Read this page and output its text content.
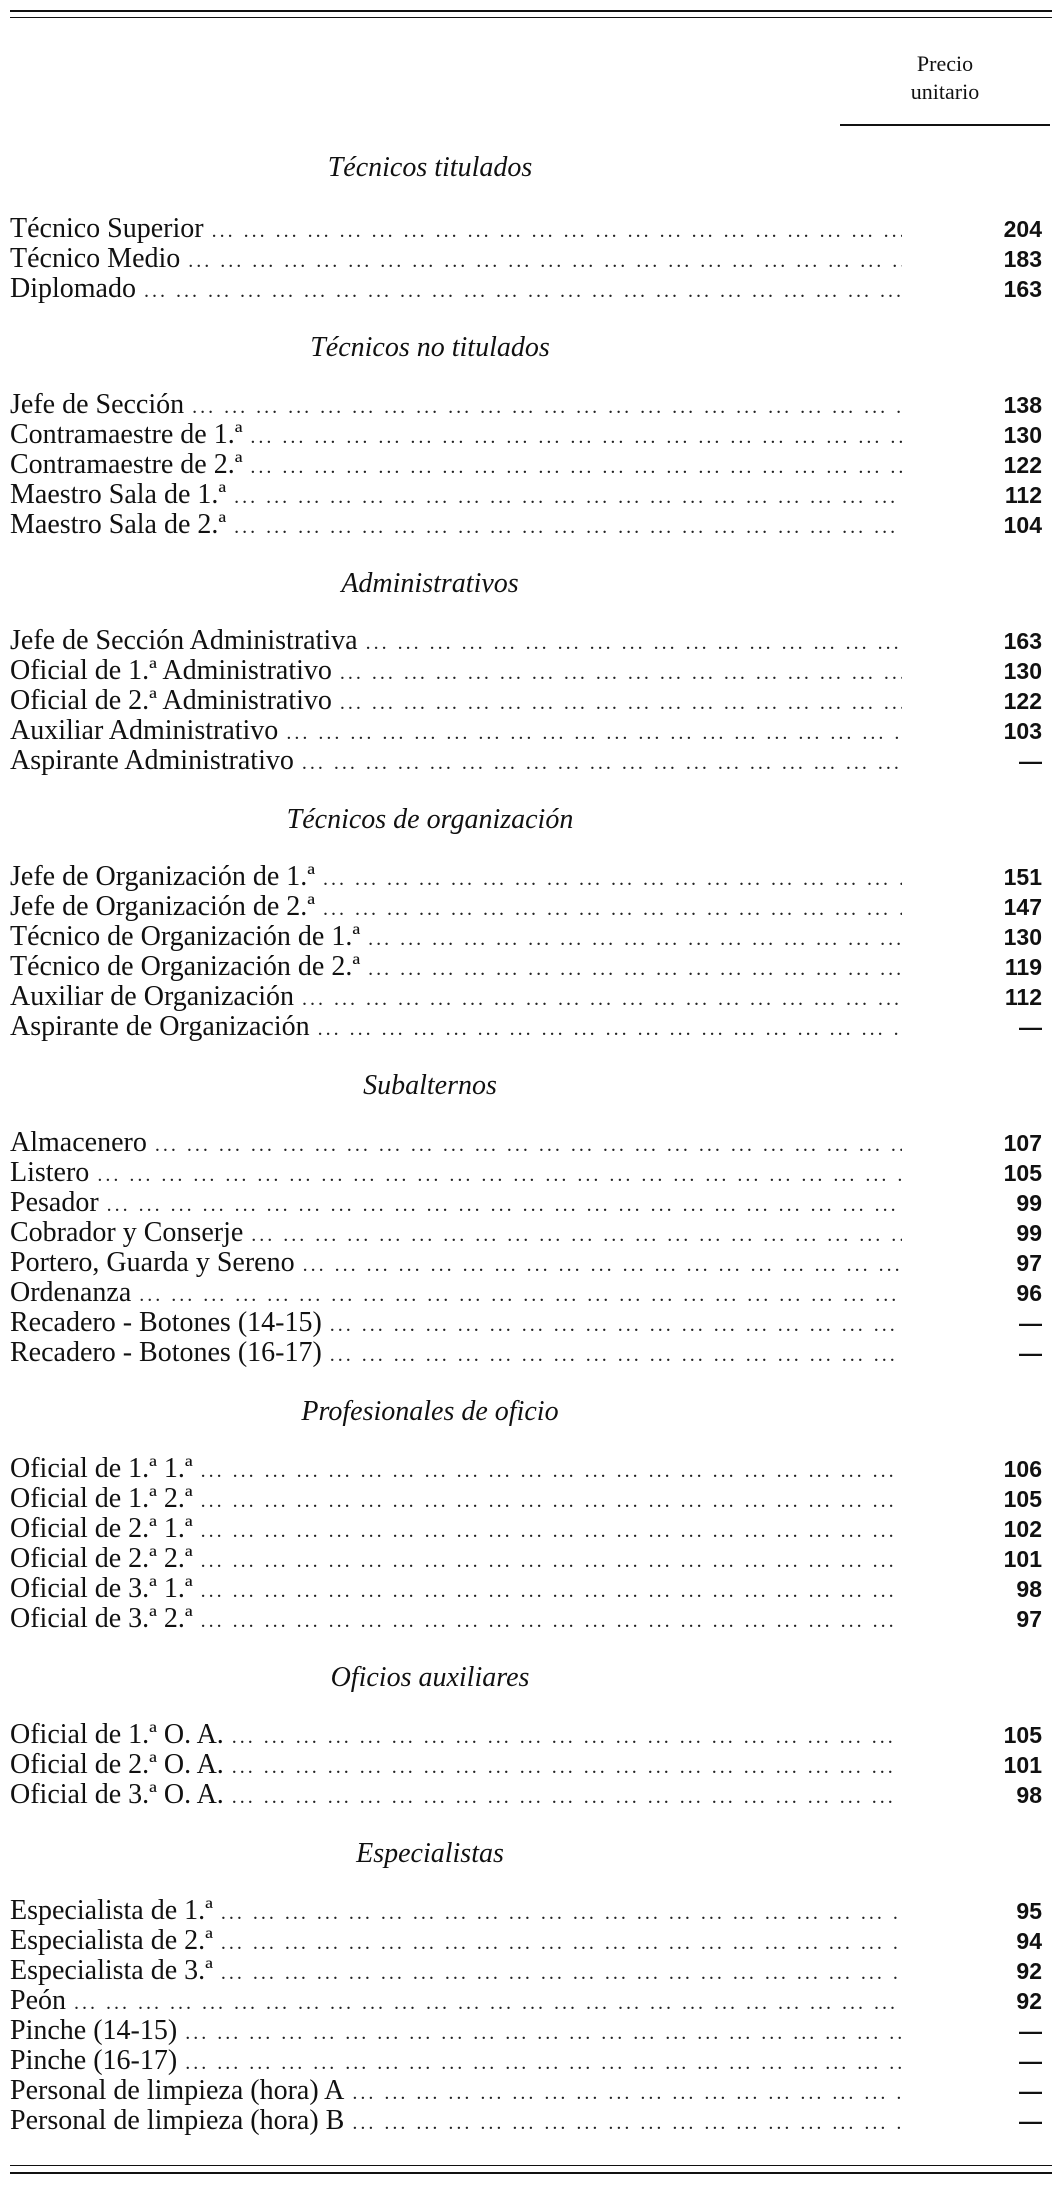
Precio
unitario
Técnicos titulados
Técnico Superior ... .	204
Técnico Medio ... .	183
Diplomado ... .	163
Técnicos no titulados
Jefe de Sección ... .	138
Contramaestre de 1.ª ... .	130
Contramaestre de 2.ª ... .	122
Maestro Sala de 1.ª ... .	112
Maestro Sala de 2.ª ... .	104
Administrativos
Jefe de Sección Administrativa ... .	163
Oficial de 1.ª Administrativo ... .	130
Oficial de 2.ª Administrativo ... .	122
Auxiliar Administrativo ... .	103
Aspirante Administrativo ... .	—
Técnicos de organización
Jefe de Organización de 1.ª ... .	151
Jefe de Organización de 2.ª ... .	147
Técnico de Organización de 1.ª ... .	130
Técnico de Organización de 2.ª ... .	119
Auxiliar de Organización ... .	112
Aspirante de Organización ... .	—
Subalternos
Almacenero ... .	107
Listero ... .	105
Pesador ... .	99
Cobrador y Conserje ... .	99
Portero, Guarda y Sereno ... .	97
Ordenanza ... .	96
Recadero - Botones (14-15) ... .	—
Recadero - Botones (16-17) ... .	—
Profesionales de oficio
Oficial de 1.ª 1.ª ... .	106
Oficial de 1.ª 2.ª ... .	105
Oficial de 2.ª 1.ª ... .	102
Oficial de 2.ª 2.ª ... .	101
Oficial de 3.ª 1.ª ... .	98
Oficial de 3.ª 2.ª ... .	97
Oficios auxiliares
Oficial de 1.ª O. A. ... .	105
Oficial de 2.ª O. A. ... .	101
Oficial de 3.ª O. A. ... .	98
Especialistas
Especialista de 1.ª ... .	95
Especialista de 2.ª ... .	94
Especialista de 3.ª ... .	92
Peón ... .	92
Pinche (14-15) ... .	—
Pinche (16-17) ... .	—
Personal de limpieza (hora) A ... .	—
Personal de limpieza (hora) B ... .	—
